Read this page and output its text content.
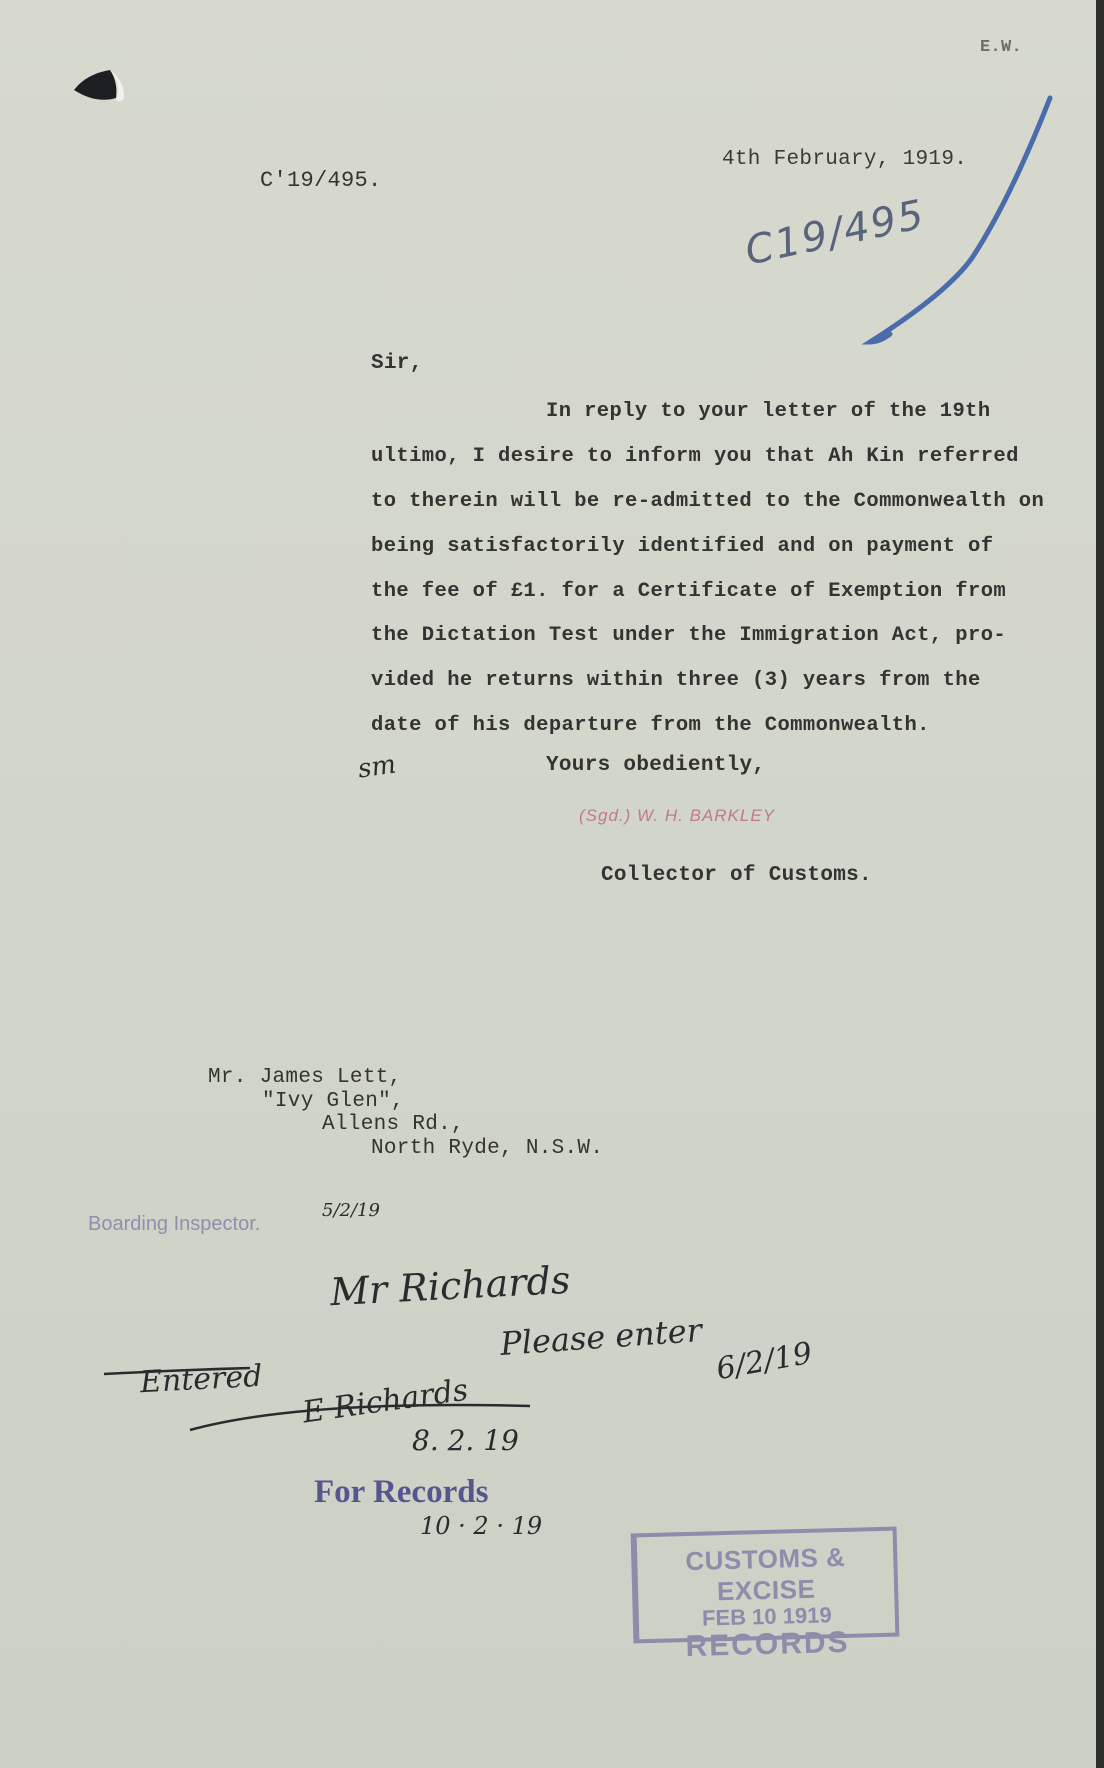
E.W.
C'19/495.
4th February, 1919.
C19/495
Sir,
In reply to your letter of the 19th
ultimo, I desire to inform you that Ah Kin referred
to therein will be re-admitted to the Commonwealth on
being satisfactorily identified and on payment of
the fee of £1. for a Certificate of Exemption from
the Dictation Test under the Immigration Act, pro-
vided he returns within three (3) years from the
date of his departure from the Commonwealth.
sm	Yours obediently,
(Sgd.) W. H. BARKLEY
Collector of Customs.
Mr. James Lett,
"Ivy Glen",
Allens Rd.,
North Ryde, N.S.W.
Boarding Inspector.
5/2/19
Mr Richards
Please enter 6/2/19
Entered E Richards
8. 2. 19
For Records
10 · 2 · 19
CUSTOMS & EXCISE
FEB 10 1919
RECORDS
